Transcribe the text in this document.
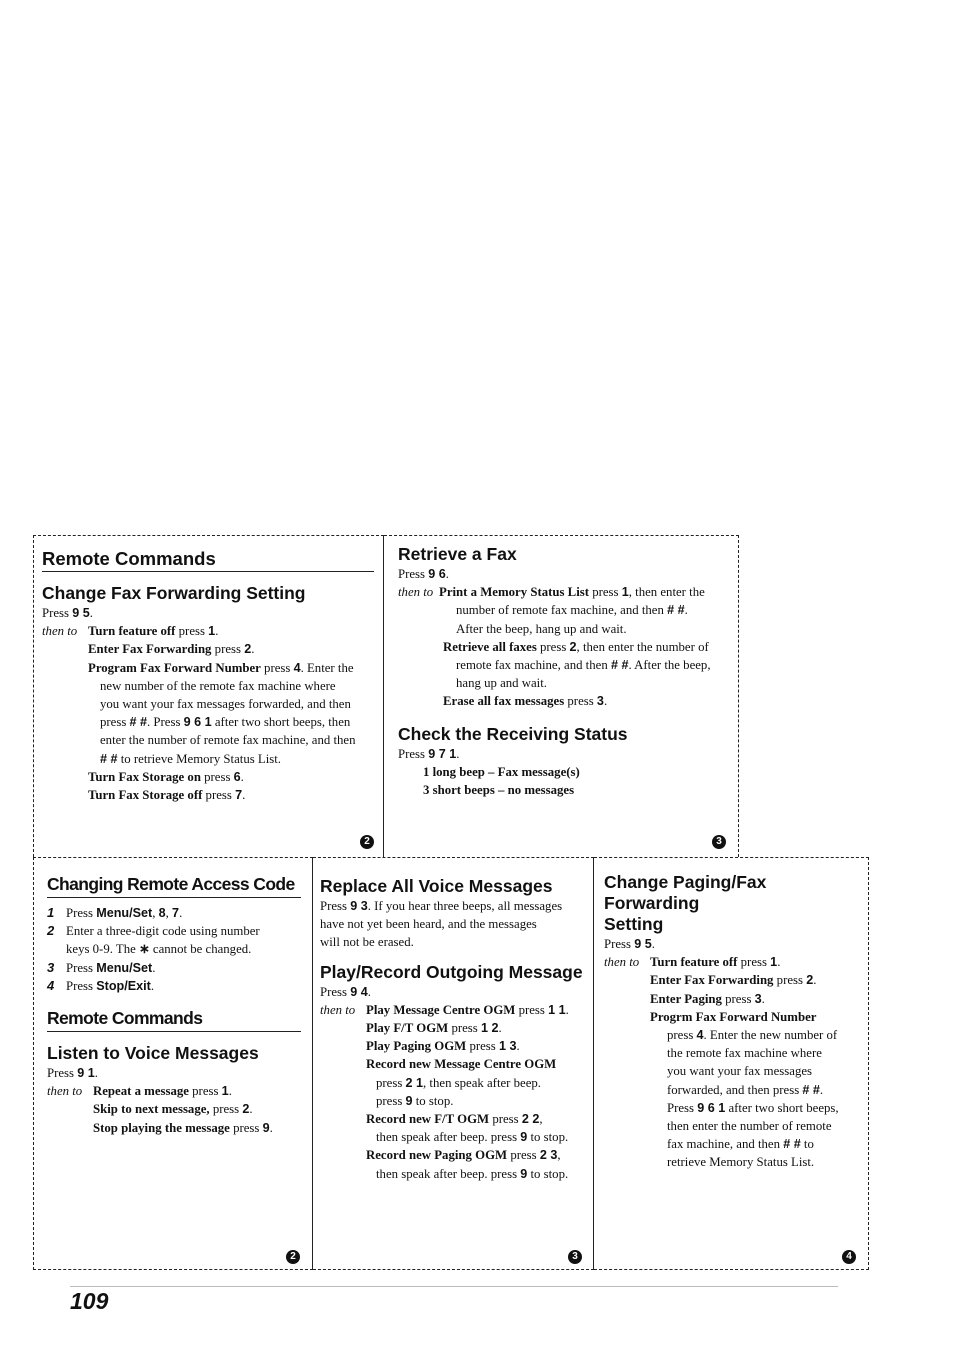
Remote Commands
Change Fax Forwarding Setting
Press 9 5.
then to Turn feature off press 1.
Enter Fax Forwarding press 2.
Program Fax Forward Number press 4. Enter the
new number of the remote fax machine where
you want your fax messages forwarded, and then
press # #. Press 9 6 1 after two short beeps, then
enter the number of remote fax machine, and then
# # to retrieve Memory Status List.
Turn Fax Storage on press 6.
Turn Fax Storage off press 7.
2
Retrieve a Fax
Press 9 6.
then to Print a Memory Status List press 1, then enter the
number of remote fax machine, and then # #.
After the beep, hang up and wait.
Retrieve all faxes press 2, then enter the number of
remote fax machine, and then # #. After the beep,
hang up and wait.
Erase all fax messages press 3.
Check the Receiving Status
Press 9 7 1.
1 long beep – Fax message(s)
3 short beeps – no messages
3
Changing Remote Access Code
1 Press Menu/Set, 8, 7.
2 Enter a three-digit code using number
keys 0-9. The ∗ cannot be changed.
3 Press Menu/Set.
4 Press Stop/Exit.
Remote Commands
Listen to Voice Messages
Press 9 1.
then to Repeat a message press 1.
Skip to next message, press 2.
Stop playing the message press 9.
2
Replace All Voice Messages
Press 9 3. If you hear three beeps, all messages
have not yet been heard, and the messages
will not be erased.
Play/Record Outgoing Message
Press 9 4.
then to Play Message Centre OGM press 1 1.
Play F/T OGM press 1 2.
Play Paging OGM press 1 3.
Record new Message Centre OGM
press 2 1, then speak after beep.
press 9 to stop.
Record new F/T OGM press 2 2,
then speak after beep. press 9 to stop.
Record new Paging OGM press 2 3,
then speak after beep. press 9 to stop.
3
Change Paging/Fax Forwarding
Setting
Press 9 5.
then to Turn feature off press 1.
Enter Fax Forwarding press 2.
Enter Paging press 3.
Progrm Fax Forward Number
press 4. Enter the new number of
the remote fax machine where
you want your fax messages
forwarded, and then press # #.
Press 9 6 1 after two short beeps,
then enter the number of remote
fax machine, and then # # to
retrieve Memory Status List.
4
109
